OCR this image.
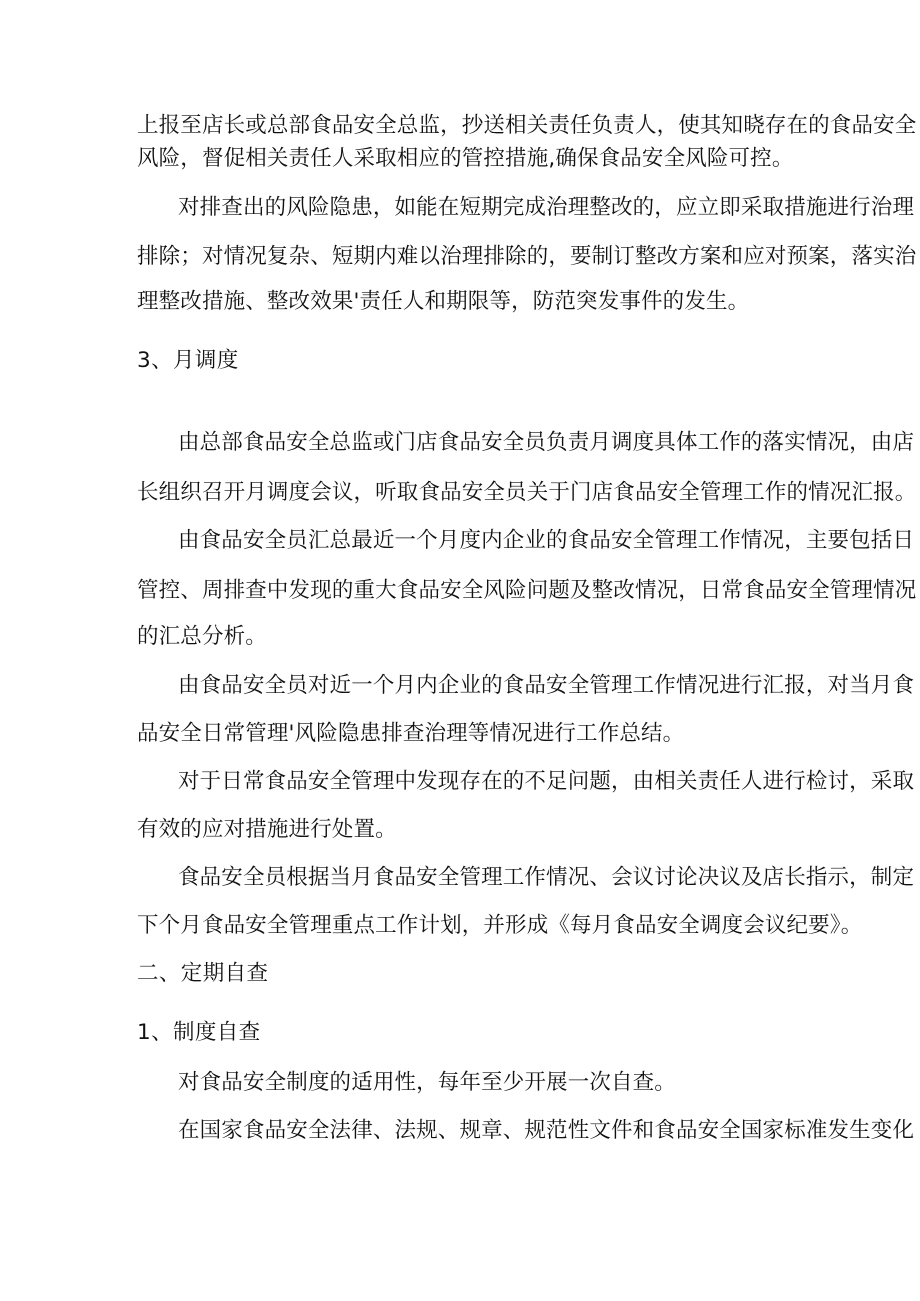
上报至店长或总部食品安全总监，抄送相关责任负责人，使其知晓存在的食品安全
风险，督促相关责任人采取相应的管控措施,确保食品安全风险可控。
对排查出的风险隐患，如能在短期完成治理整改的，应立即采取措施进行治理
排除；对情况复杂、短期内难以治理排除的，要制订整改方案和应对预案，落实治
理整改措施、整改效果'责任人和期限等，防范突发事件的发生。
3、月调度
由总部食品安全总监或门店食品安全员负责月调度具体工作的落实情况，由店
长组织召开月调度会议，听取食品安全员关于门店食品安全管理工作的情况汇报。
由食品安全员汇总最近一个月度内企业的食品安全管理工作情况，主要包括日
管控、周排查中发现的重大食品安全风险问题及整改情况，日常食品安全管理情况
的汇总分析。
由食品安全员对近一个月内企业的食品安全管理工作情况进行汇报，对当月食
品安全日常管理'风险隐患排查治理等情况进行工作总结。
对于日常食品安全管理中发现存在的不足问题，由相关责任人进行检讨，采取
有效的应对措施进行处置。
食品安全员根据当月食品安全管理工作情况、会议讨论决议及店长指示，制定
下个月食品安全管理重点工作计划，并形成《每月食品安全调度会议纪要》。
二、定期自查
1、制度自查
对食品安全制度的适用性，每年至少开展一次自查。
在国家食品安全法律、法规、规章、规范性文件和食品安全国家标准发生变化
